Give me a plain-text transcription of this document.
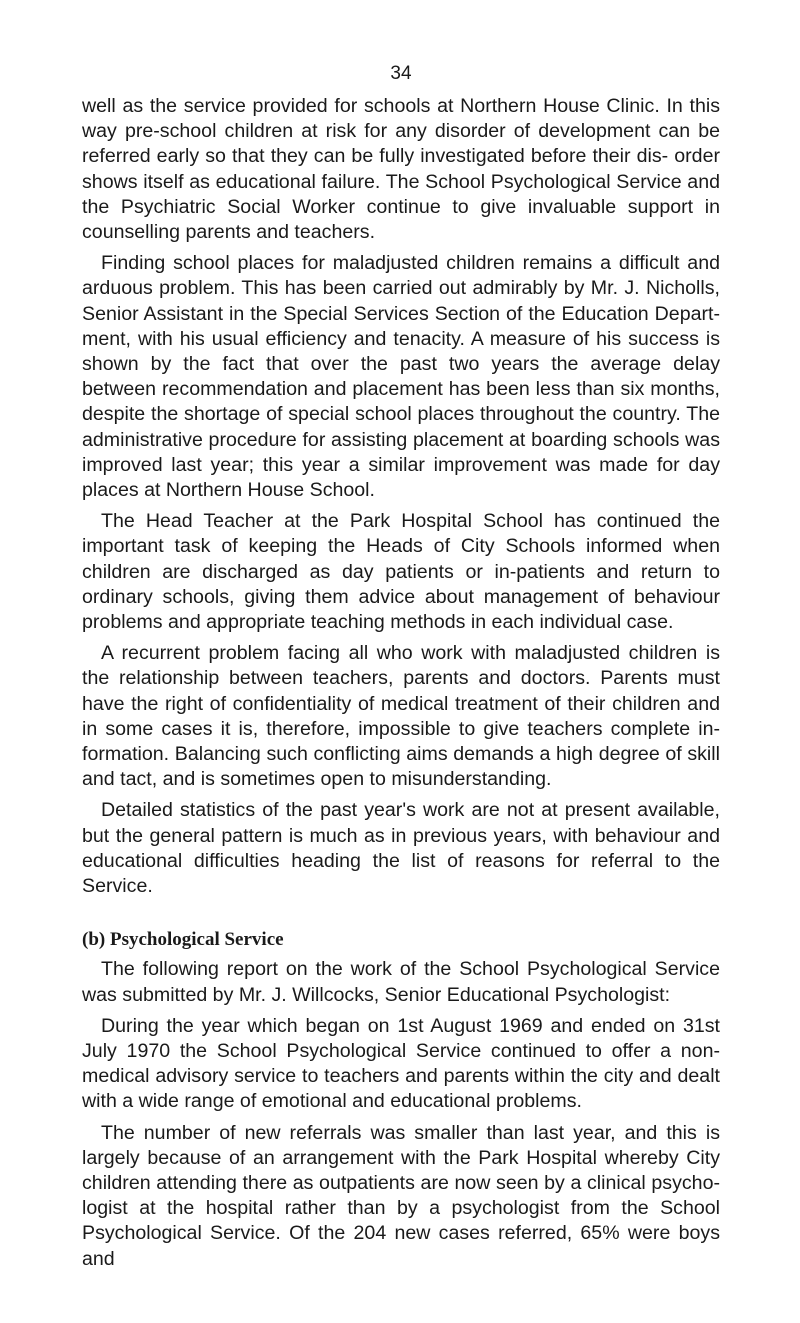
34

well as the service provided for schools at Northern House Clinic. In this way pre-school children at risk for any disorder of development can be referred early so that they can be fully investigated before their dis- order shows itself as educational failure. The School Psychological Service and the Psychiatric Social Worker continue to give invaluable support in counselling parents and teachers.

Finding school places for maladjusted children remains a difficult and arduous problem. This has been carried out admirably by Mr. J. Nicholls, Senior Assistant in the Special Services Section of the Education Depart- ment, with his usual efficiency and tenacity. A measure of his success is shown by the fact that over the past two years the average delay between recommendation and placement has been less than six months, despite the shortage of special school places throughout the country. The administrative procedure for assisting placement at boarding schools was improved last year; this year a similar improvement was made for day places at Northern House School.

The Head Teacher at the Park Hospital School has continued the important task of keeping the Heads of City Schools informed when children are discharged as day patients or in-patients and return to ordinary schools, giving them advice about management of behaviour problems and appropriate teaching methods in each individual case.

A recurrent problem facing all who work with maladjusted children is the relationship between teachers, parents and doctors. Parents must have the right of confidentiality of medical treatment of their children and in some cases it is, therefore, impossible to give teachers complete in- formation. Balancing such conflicting aims demands a high degree of skill and tact, and is sometimes open to misunderstanding.

Detailed statistics of the past year's work are not at present available, but the general pattern is much as in previous years, with behaviour and educational difficulties heading the list of reasons for referral to the Service.

(b) Psychological Service

The following report on the work of the School Psychological Service was submitted by Mr. J. Willcocks, Senior Educational Psychologist:

During the year which began on 1st August 1969 and ended on 31st July 1970 the School Psychological Service continued to offer a non- medical advisory service to teachers and parents within the city and dealt with a wide range of emotional and educational problems.

The number of new referrals was smaller than last year, and this is largely because of an arrangement with the Park Hospital whereby City children attending there as outpatients are now seen by a clinical psycho- logist at the hospital rather than by a psychologist from the School Psychological Service. Of the 204 new cases referred, 65% were boys and
